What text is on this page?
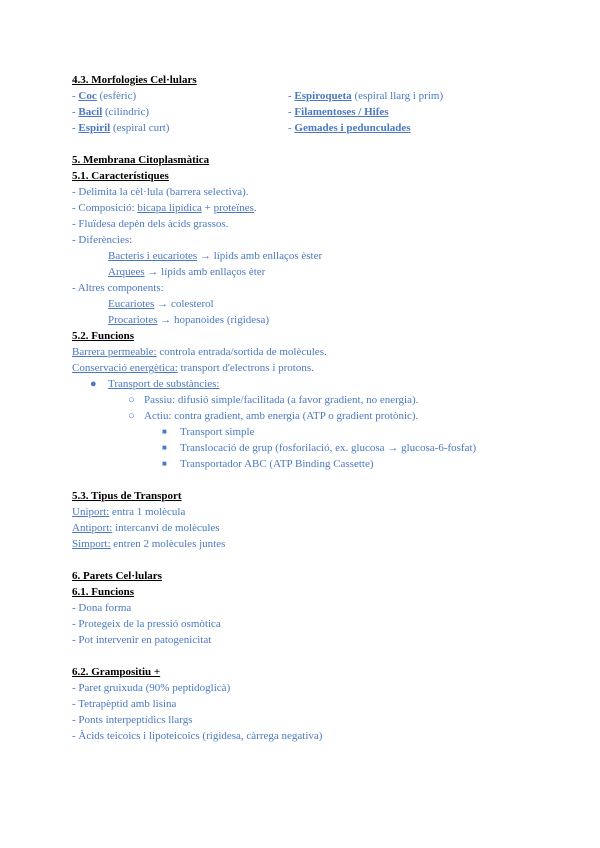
4.3. Morfologies Cel·lulars
- Coc (esfèric)
- Bacil (cilíndric)
- Espiril (espiral curt)
- Espiroqueta (espiral llarg i prim)
- Filamentoses / Hifes
- Gemades i pedunculades
5. Membrana Citoplasmàtica
5.1. Característiques
- Delimita la cèl·lula (barrera selectiva).
- Composició: bicapa lipídica + proteïnes.
- Fluïdesa depèn dels àcids grassos.
- Diferències:
Bacteris i eucariotes → lípids amb enllaços èster
Arquees → lípids amb enllaços èter
- Altres components:
Eucariotes → colesterol
Procariotes → hopanoides (rigidesa)
5.2. Funcions
Barrera permeable: controla entrada/sortida de molècules.
Conservació energètica: transport d'electrons i protons.
● Transport de substàncies:
○ Passiu: difusió simple/facilitada (a favor gradient, no energia).
○ Actiu: contra gradient, amb energia (ATP o gradient protònic).
■ Transport simple
■ Translocació de grup (fosforilació, ex. glucosa → glucosa-6-fosfat)
■ Transportador ABC (ATP Binding Cassette)
5.3. Tipus de Transport
Uniport: entra 1 molècula
Antiport: intercanvi de molècules
Simport: entren 2 molècules juntes
6. Parets Cel·lulars
6.1. Funcions
- Dona forma
- Protegeix de la pressió osmòtica
- Pot intervenir en patogenicitat
6.2. Grampositiu +
- Paret gruixuda (90% peptidoglicà)
- Tetrapèptid amb lisina
- Ponts interpeptídics llargs
- Àcids teicoics i lipoteicoics (rigidesa, càrrega negativa)
